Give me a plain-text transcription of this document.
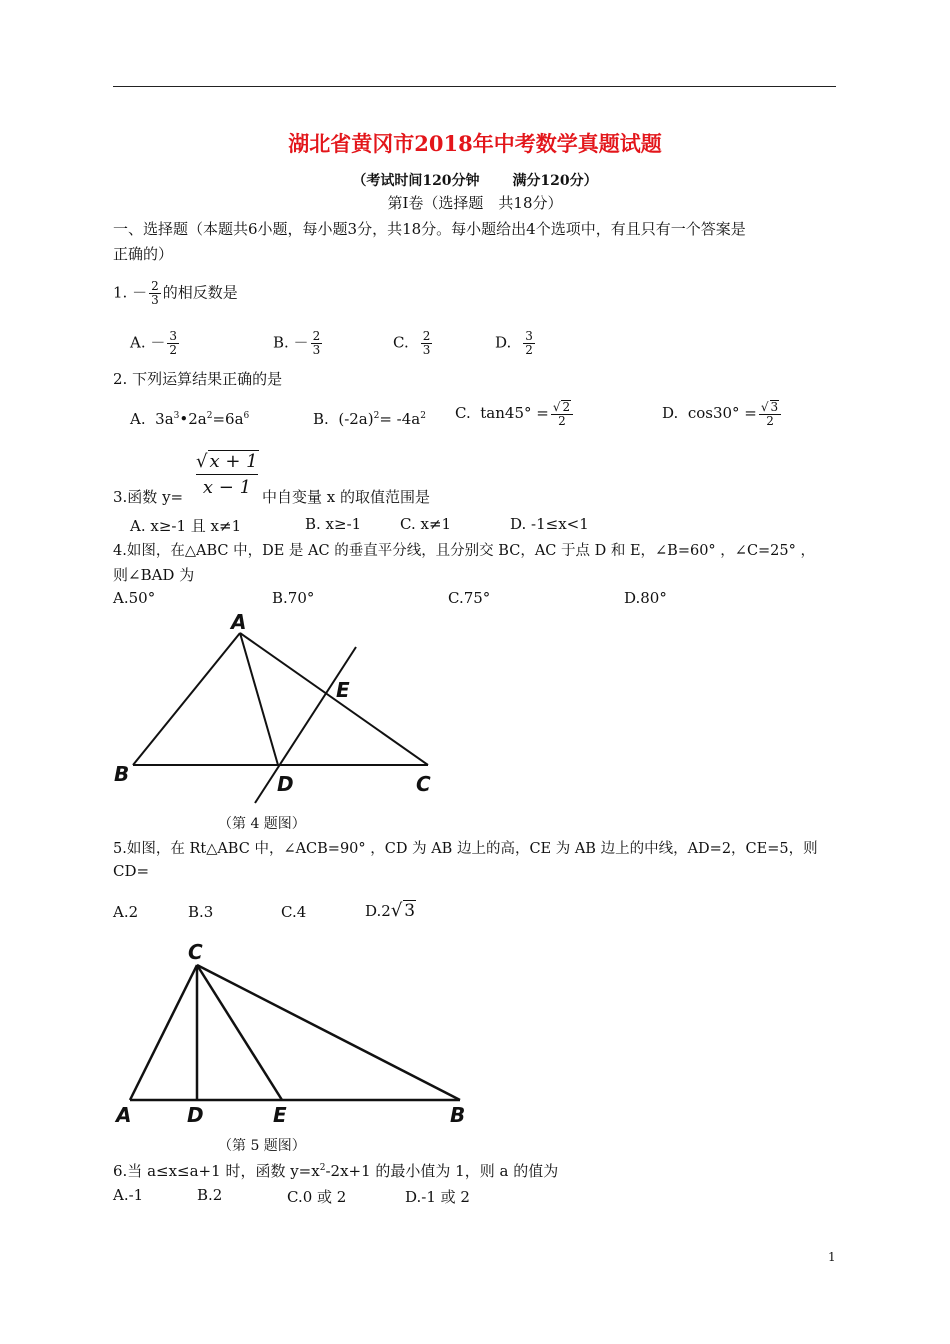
湖北省黄冈市2018年中考数学真题试题
（考试时间120分钟 满分120分）
第Ⅰ卷（选择题　共18分）
一、选择题（本题共6小题，每小题3分，共18分。每小题给出4个选项中，有且只有一个答案是
正确的）
1. － $\frac{2}{3}$ 的相反数是
A. － $\frac{3}{2}$	B. － $\frac{2}{3}$	C. $\frac{2}{3}$	D. $\frac{3}{2}$
2. 下列运算结果正确的是
A. $3a^3•2a^2=6a^6$	B. $(-2a)^2= -4a^2$ C. $\tan 45^\circ = \frac{√ 2}{2}$	D. $\cos 30^\circ = \frac{√ 3}{2}$
3.函数 y=
√ x + 1
x − 1 中自变量 x 的取值范围是
A. x≥-1 且 x≠1	B. x≥-1	C. x≠1	D. -1≤x<1
4.如图，在△ABC 中，DE 是 AC 的垂直平分线，且分别交 BC，AC 于点 D 和 E，∠B=60° ，∠C=25° ，
则∠BAD 为
A.50°	B.70°	C.75°	D.80°
A
B	C
D
E
（第 4 题图）
5.如图，在 Rt△ABC 中，∠ACB=90° ，CD 为 AB 边上的高，CE 为 AB 边上的中线，AD=2，CE=5，则
CD=
A.2	B.3	C.4	D.2√ 3
C
A	D	E	B
（第 5 题图）
6.当 a≤x≤a+1 时，函数 $y=x^2-2x+1$ 的最小值为 1，则 a 的值为
A.-1	B.2	C.0 或 2	D.-1 或 2
1
